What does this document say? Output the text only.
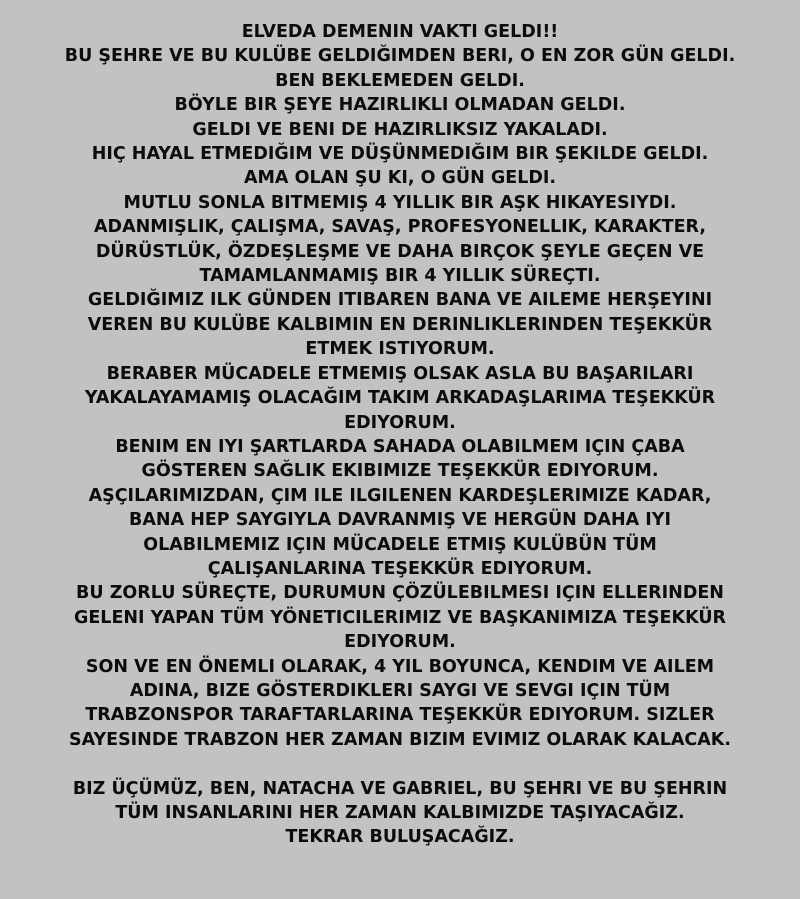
ELVEDA DEMENIN VAKTI GELDI!!
BU ŞEHRE VE BU KULÜBE GELDIĞIMDEN BERI, O EN ZOR GÜN GELDI.
BEN BEKLEMEDEN GELDI.
BÖYLE BIR ŞEYE HAZIRLIKLI OLMADAN GELDI.
GELDI VE BENI DE HAZIRLIKSIZ YAKALADI.
HIÇ HAYAL ETMEDIĞIM VE DÜŞÜNMEDIĞIM BIR ŞEKILDE GELDI.
AMA OLAN ŞU KI, O GÜN GELDI.
MUTLU SONLA BITMEMIŞ 4 YILLIK BIR AŞK HIKAYESIYDI.
ADANMIŞLIK, ÇALIŞMA, SAVAŞ, PROFESYONELLIK, KARAKTER,
DÜRÜSTLÜK, ÖZDEŞLEŞME VE DAHA BIRÇOK ŞEYLE GEÇEN VE
TAMAMLANMAMIŞ BIR 4 YILLIK SÜREÇTI.
GELDIĞIMIZ ILK GÜNDEN ITIBAREN BANA VE AILEME HERŞEYINI
VEREN BU KULÜBE KALBIMIN EN DERINLIKLERINDEN TEŞEKKÜR
ETMEK ISTIYORUM.
BERABER MÜCADELE ETMEMIŞ OLSAK ASLA BU BAŞARILARI
YAKALAYAMAMIŞ OLACAĞIM TAKIM ARKADAŞLARIMA TEŞEKKÜR
EDIYORUM.
BENIM EN IYI ŞARTLARDA SAHADA OLABILMEM IÇIN ÇABA
GÖSTEREN SAĞLIK EKIBIMIZE TEŞEKKÜR EDIYORUM.
AŞÇILARIMIZDAN, ÇIM ILE ILGILENEN KARDEŞLERIMIZE KADAR,
BANA HEP SAYGIYLA DAVRANMIŞ VE HERGÜN DAHA IYI
OLABILMEMIZ IÇIN MÜCADELE ETMIŞ KULÜBÜN TÜM
ÇALIŞANLARINA TEŞEKKÜR EDIYORUM.
BU ZORLU SÜREÇTE, DURUMUN ÇÖZÜLEBILMESI IÇIN ELLERINDEN
GELENI YAPAN TÜM YÖNETICILERIMIZ VE BAŞKANIMIZA TEŞEKKÜR
EDIYORUM.
SON VE EN ÖNEMLI OLARAK, 4 YIL BOYUNCA, KENDIM VE AILEM
ADINA, BIZE GÖSTERDIKLERI SAYGI VE SEVGI IÇIN TÜM
TRABZONSPOR TARAFTARLARINA TEŞEKKÜR EDIYORUM. SIZLER
SAYESINDE TRABZON HER ZAMAN BIZIM EVIMIZ OLARAK KALACAK.
BIZ ÜÇÜMÜZ, BEN, NATACHA VE GABRIEL, BU ŞEHRI VE BU ŞEHRIN
TÜM INSANLARINI HER ZAMAN KALBIMIZDE TAŞIYACAĞIZ.
TEKRAR BULUŞACAĞIZ.
